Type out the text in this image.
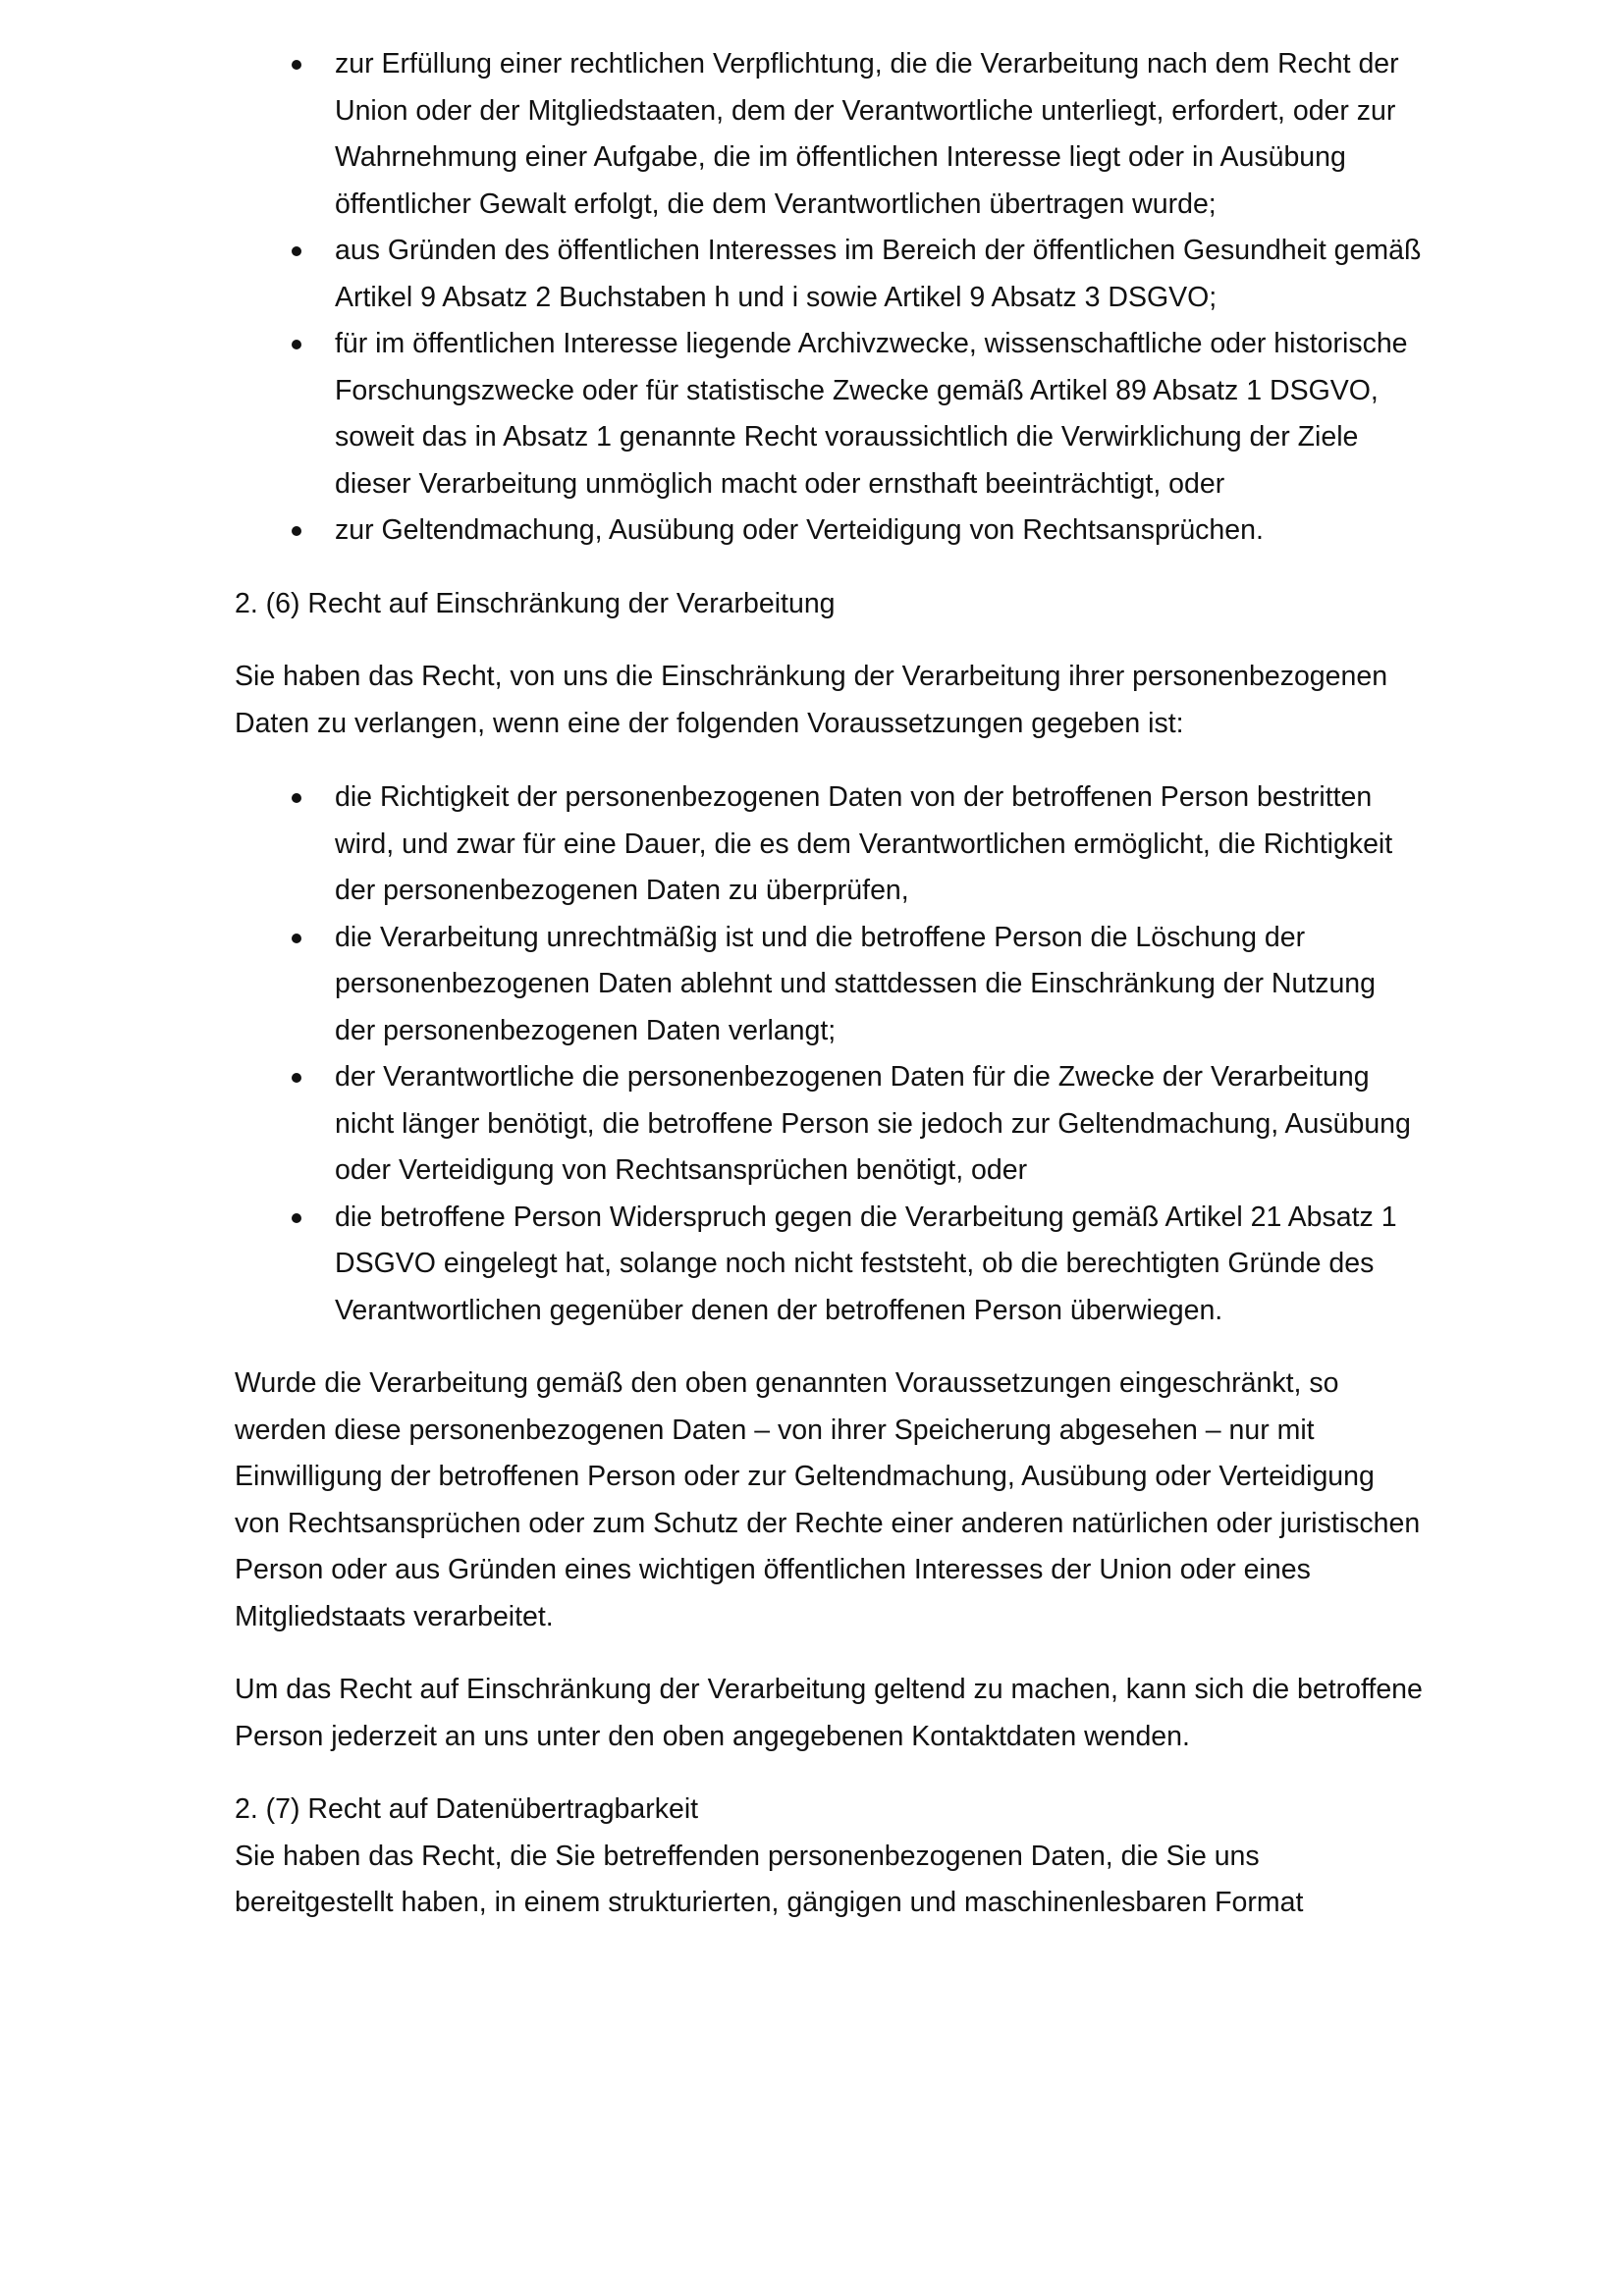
zur Erfüllung einer rechtlichen Verpflichtung, die die Verarbeitung nach dem Recht der Union oder der Mitgliedstaaten, dem der Verantwortliche unterliegt, erfordert, oder zur Wahrnehmung einer Aufgabe, die im öffentlichen Interesse liegt oder in Ausübung öffentlicher Gewalt erfolgt, die dem Verantwortlichen übertragen wurde;
aus Gründen des öffentlichen Interesses im Bereich der öffentlichen Gesundheit gemäß Artikel 9 Absatz 2 Buchstaben h und i sowie Artikel 9 Absatz 3 DSGVO;
für im öffentlichen Interesse liegende Archivzwecke, wissenschaftliche oder historische Forschungszwecke oder für statistische Zwecke gemäß Artikel 89 Absatz 1 DSGVO, soweit das in Absatz 1 genannte Recht voraussichtlich die Verwirklichung der Ziele dieser Verarbeitung unmöglich macht oder ernsthaft beeinträchtigt, oder
zur Geltendmachung, Ausübung oder Verteidigung von Rechtsansprüchen.

2. (6) Recht auf Einschränkung der Verarbeitung

Sie haben das Recht, von uns die Einschränkung der Verarbeitung ihrer personenbezogenen Daten zu verlangen, wenn eine der folgenden Voraussetzungen gegeben ist:

die Richtigkeit der personenbezogenen Daten von der betroffenen Person bestritten wird, und zwar für eine Dauer, die es dem Verantwortlichen ermöglicht, die Richtigkeit der personenbezogenen Daten zu überprüfen,
die Verarbeitung unrechtmäßig ist und die betroffene Person die Löschung der personenbezogenen Daten ablehnt und stattdessen die Einschränkung der Nutzung der personenbezogenen Daten verlangt;
der Verantwortliche die personenbezogenen Daten für die Zwecke der Verarbeitung nicht länger benötigt, die betroffene Person sie jedoch zur Geltendmachung, Ausübung oder Verteidigung von Rechtsansprüchen benötigt, oder
die betroffene Person Widerspruch gegen die Verarbeitung gemäß Artikel 21 Absatz 1 DSGVO eingelegt hat, solange noch nicht feststeht, ob die berechtigten Gründe des Verantwortlichen gegenüber denen der betroffenen Person überwiegen.

Wurde die Verarbeitung gemäß den oben genannten Voraussetzungen eingeschränkt, so werden diese personenbezogenen Daten – von ihrer Speicherung abgesehen – nur mit Einwilligung der betroffenen Person oder zur Geltendmachung, Ausübung oder Verteidigung von Rechtsansprüchen oder zum Schutz der Rechte einer anderen natürlichen oder juristischen Person oder aus Gründen eines wichtigen öffentlichen Interesses der Union oder eines Mitgliedstaats verarbeitet.

Um das Recht auf Einschränkung der Verarbeitung geltend zu machen, kann sich die betroffene Person jederzeit an uns unter den oben angegebenen Kontaktdaten wenden.

2. (7) Recht auf Datenübertragbarkeit

Sie haben das Recht, die Sie betreffenden personenbezogenen Daten, die Sie uns bereitgestellt haben, in einem strukturierten, gängigen und maschinenlesbaren Format
